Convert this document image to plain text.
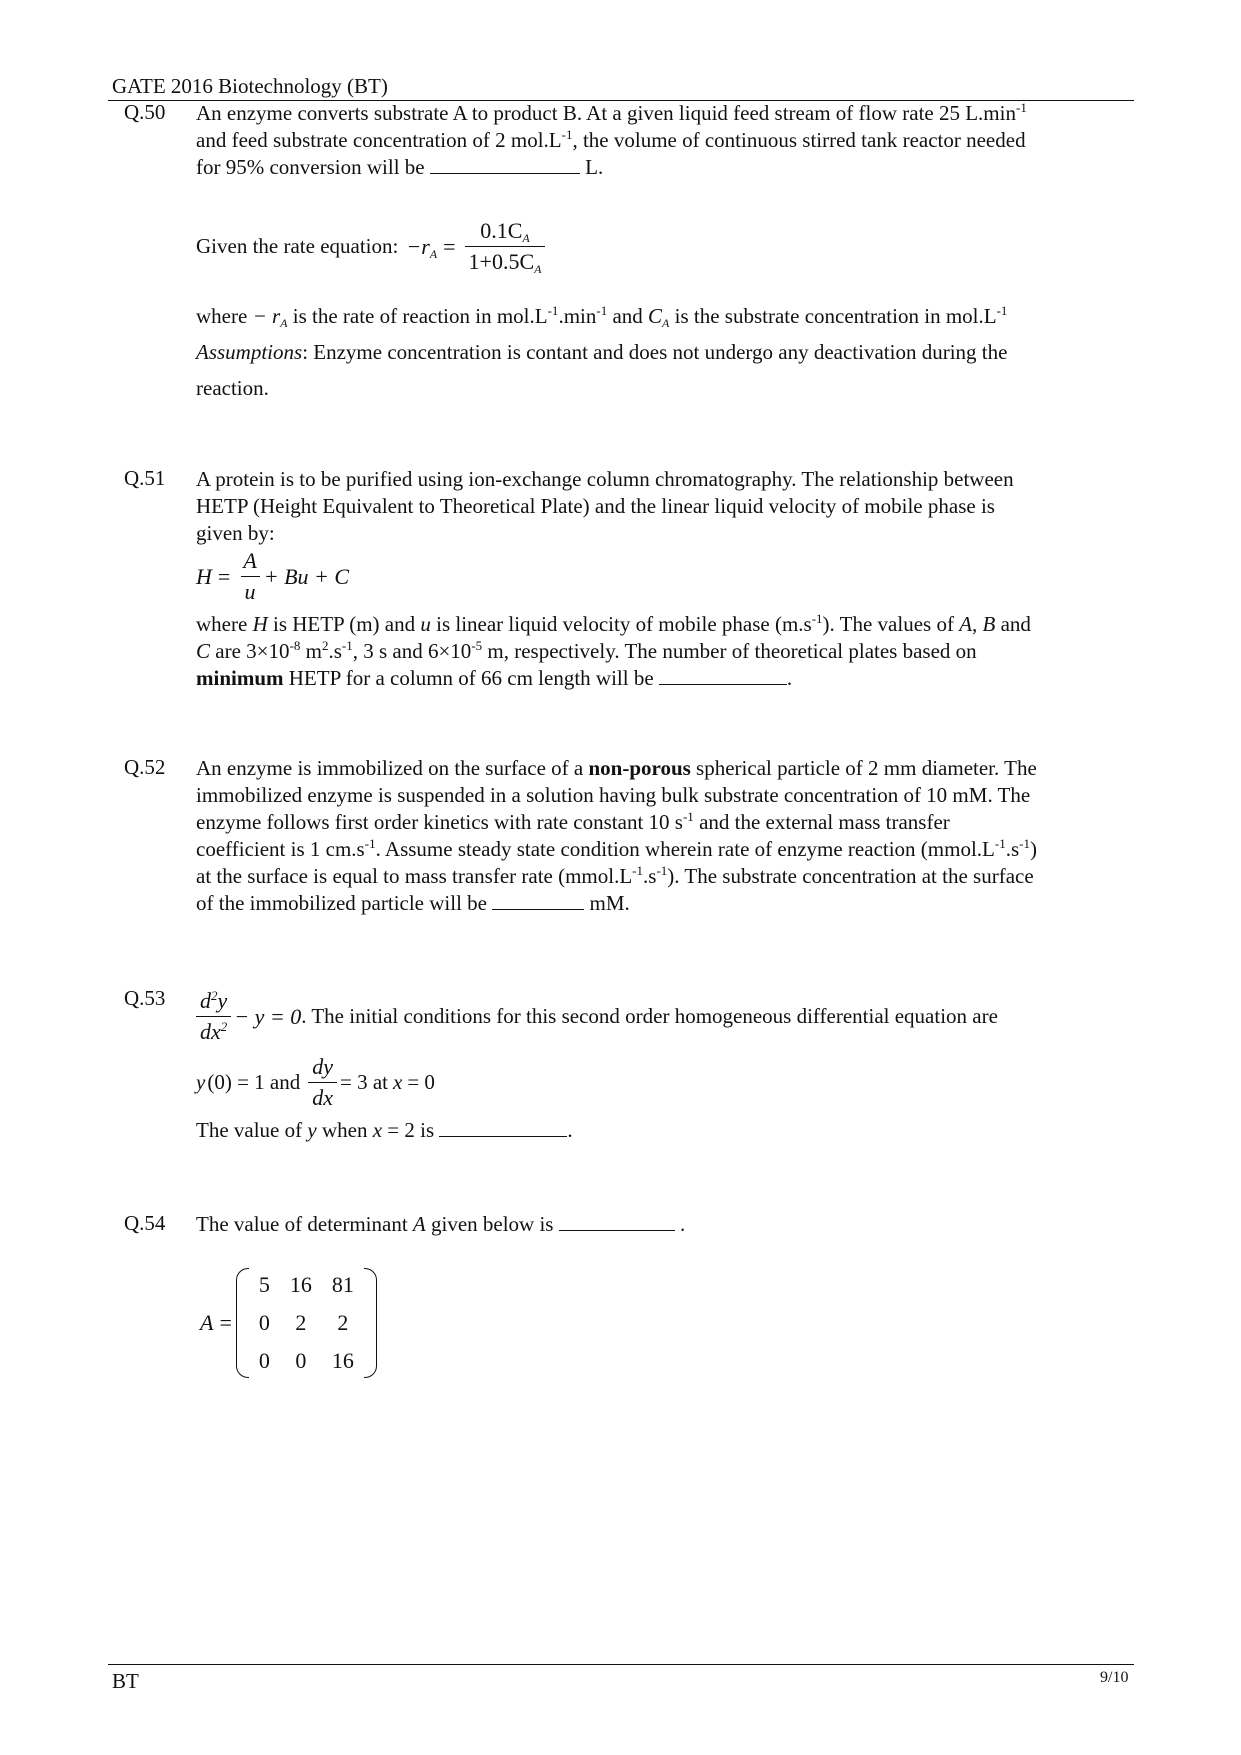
GATE 2016 Biotechnology (BT)
Q.50 An enzyme converts substrate A to product B. At a given liquid feed stream of flow rate 25 $L.\min^{-1}$

and feed substrate concentration of 2 $mol.L^{-1}$, the volume of continuous stirred tank reactor needed

for 95% conversion will be	L.

Given the rate equation: $-r_A = \frac{0.1C_A}{1+0.5C_A}$

where − $r_A$ is the rate of reaction in $mol.L^{-1}.\min^{-1}$ and $C_A$ is the substrate concentration in $mol.L^{-1}$

Assumptions: Enzyme concentration is contant and does not undergo any deactivation during the

reaction.

Q.51 A protein is to be purified using ion-exchange column chromatography. The relationship between

HETP (Height Equivalent to Theoretical Plate) and the linear liquid velocity of mobile phase is

given by:

$H = \frac{A}{u} + Bu + C$

where H is HETP (m) and u is linear liquid velocity of mobile phase $(m.s^{-1})$. The values of A, B and

C are $3\times 10^{-8}$ $m^2.s^{-1}$, 3 s and $6\times 10^{-5}$ m, respectively. The number of theoretical plates based on

minimum HETP for a column of 66 cm length will be	.

Q.52 An enzyme is immobilized on the surface of a non-porous spherical particle of 2 mm diameter. The

immobilized enzyme is suspended in a solution having bulk substrate concentration of 10 mM. The

enzyme follows first order kinetics with rate constant 10 $s^{-1}$ and the external mass transfer

coefficient is 1 $cm.s^{-1}$. Assume steady state condition wherein rate of enzyme reaction $(mmol.L^{-1}.s^{-1})$

at the surface is equal to mass transfer rate $(mmol.L^{-1}.s^{-1})$. The substrate concentration at the surface

of the immobilized particle will be	mM.

$Q.53 \frac{d^2y}{dx^2} - y = 0$ . The initial conditions for this second order homogeneous differential equation are
y (0) = 1 and $\frac{dy}{dx} = 3$ at x = 0

The value of y when x = 2 is	.

Q.54 The value of determinant A given below is	.

A =
5	16	81
0	2	2
0	0	16
BT	9/10
